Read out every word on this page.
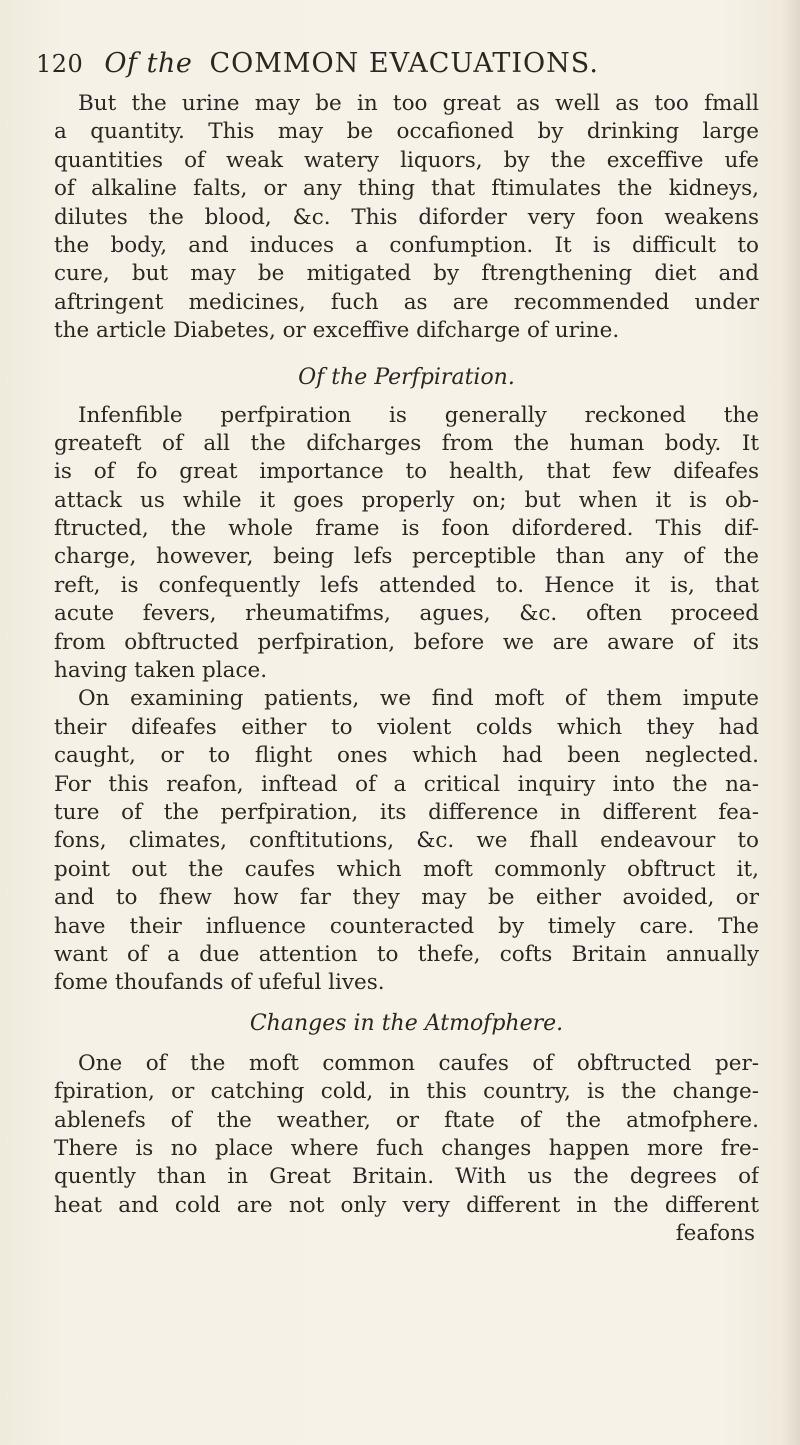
120 Of the COMMON EVACUATIONS.
But the urine may be in too great as well as too fmall
a quantity. This may be occafioned by drinking large
quantities of weak watery liquors, by the exceffive ufe
of alkaline falts, or any thing that ftimulates the kidneys,
dilutes the blood, &c. This diforder very foon weakens
the body, and induces a confumption. It is difficult to
cure, but may be mitigated by ftrengthening diet and
aftringent medicines, fuch as are recommended under
the article Diabetes, or exceffive difcharge of urine.
Of the Perfpiration.
Infenfible perfpiration is generally reckoned the
greateft of all the difcharges from the human body. It
is of fo great importance to health, that few difeafes
attack us while it goes properly on; but when it is ob-
ftructed, the whole frame is foon difordered. This dif-
charge, however, being lefs perceptible than any of the
reft, is confequently lefs attended to. Hence it is, that
acute fevers, rheumatifms, agues, &c. often proceed
from obftructed perfpiration, before we are aware of its
having taken place.
On examining patients, we find moft of them impute
their difeafes either to violent colds which they had
caught, or to flight ones which had been neglected.
For this reafon, inftead of a critical inquiry into the na-
ture of the perfpiration, its difference in different fea-
fons, climates, conftitutions, &c. we fhall endeavour to
point out the caufes which moft commonly obftruct it,
and to fhew how far they may be either avoided, or
have their influence counteracted by timely care. The
want of a due attention to thefe, cofts Britain annually
fome thoufands of ufeful lives.
Changes in the Atmofphere.
One of the moft common caufes of obftructed per-
fpiration, or catching cold, in this country, is the change-
ablenefs of the weather, or ftate of the atmofphere.
There is no place where fuch changes happen more fre-
quently than in Great Britain. With us the degrees of
heat and cold are not only very different in the different
feafons
